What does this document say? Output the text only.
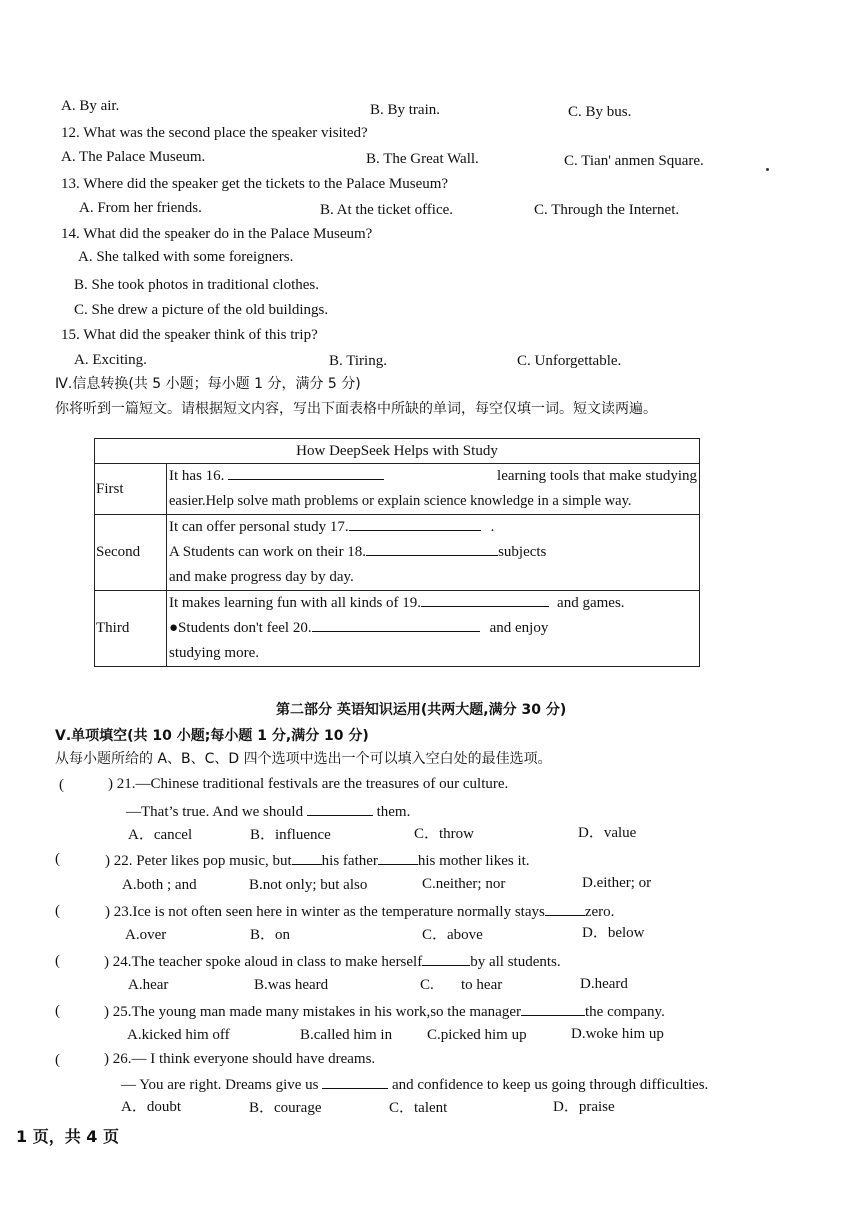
A. By air.	B. By train.	C. By bus.
12. What was the second place the speaker visited?
A. The Palace Museum.	B. The Great Wall.	C. Tian' anmen Square.
13. Where did the speaker get the tickets to the Palace Museum?
A. From her friends.	B. At the ticket office.	C. Through the Internet.
14. What did the speaker do in the Palace Museum?
A. She talked with some foreigners.
B. She took photos in traditional clothes.
C. She drew a picture of the old buildings.
15. What did the speaker think of this trip?
A. Exciting.	B. Tiring.	C. Unforgettable.
Ⅳ.信息转换(共 5 小题；每小题 1 分，满分 5 分)
你将听到一篇短文。请根据短文内容，写出下面表格中所缺的单词，每空仅填一词。短文读两遍。
How DeepSeek Helps with Study	
First	It has 16. learning tools that make studying
easier.Help solve math problems or explain science knowledge in a simple way.

Second	It can offer personal study 17. .
A Students can work on their 18. subjects
and make progress day by day.

Third	It makes learning fun with all kinds of 19. and games.
●Students don't feel 20. and enjoy
studying more.
第二部分 英语知识运用(共两大题,满分 30 分)
Ⅴ.单项填空(共 10 小题;每小题 1 分,满分 10 分)
从每小题所给的 A、B、C、D 四个选项中选出一个可以填入空白处的最佳选项。
(	) 21.—Chinese traditional festivals are the treasures of our culture.
—That’s true. And we should	them.
A．cancel	B．influence	C．throw	D．value
(	) 22. Peter likes pop music, but his father	his mother likes it.
A.both ; and	B.not only; but also	C.neither; nor	D.either; or
(	) 23.Ice is not often seen here in winter as the temperature normally stays	zero.
A.over	B．on	C．above	D．below
(	) 24.The teacher spoke aloud in class to make herself	by all students.
A.hear	B.was heard	C. to hear	D.heard
(	) 25.The young man made many mistakes in his work,so the manager	the company.
A.kicked him off	B.called him in C.picked him up	D.woke him up
(	) 26.— I think everyone should have dreams.
— You are right. Dreams give us	and confidence to keep us going through difficulties.
A．doubt	B．courage	C．talent	D．praise
1 页，共 4 页
